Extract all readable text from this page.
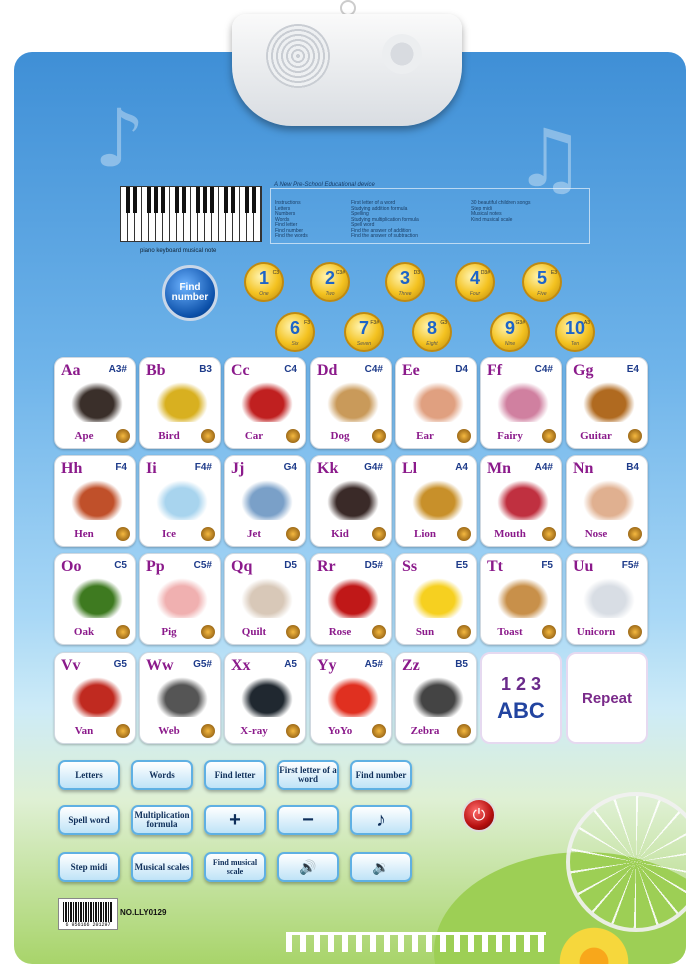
♪	♫
A New Pre-School Educational device
Instructions
Letters
Numbers
Words
Find letter
Find number
Find the words
First letter of a word
Studying addition formula
Spelling
Studying multiplication formula
Spell word
Find the answer of addition
Find the answer of subtraction
30 beautiful children songs
Step midi
Musical notes
Kind musical scale
piano keyboard musical note
Find number
1 C3
One
2 C3#
Two
3 D3
Three
4 D3#
Four
5 E3
Five
6 F3
Six
7 F3#
Seven
8 G3
Eight
9 G3#
Nine
10
A3
Ten
Aa	A3#
Ape
Bb	B3
Bird
Cc	C4
Car
Dd	C4#
Dog
Ee	D4
Ear
Ff	C4#
Fairy
Gg	E4
Guitar
Hh	F4
Hen
Ii	F4#
Ice
Jj	G4
Jet
Kk	G4#
Kid
Ll	A4
Lion
Mn A4#
Mouth
Nn	B4
Nose
Oo	C5
Oak
Pp	C5#
Pig
Qq	D5
Quilt
Rr	D5#
Rose
Ss	E5
Sun
Tt	F5
Toast
Uu	F5#
Unicorn
Vv	G5
Van
Ww G5#
Web
Xx	A5
X-ray
Yy	A5#
YoYo
Zz	B5
Zebra
1 2 3
ABC	Repeat
Letters	Words	Find letter	First letter of a word	Find number
Spell word	Multiplication formula	+	−	♪
Step midi	Musical scales	Find musical scale	🔊	🔉
⏻
6 956166 201297
NO.LLY0129
